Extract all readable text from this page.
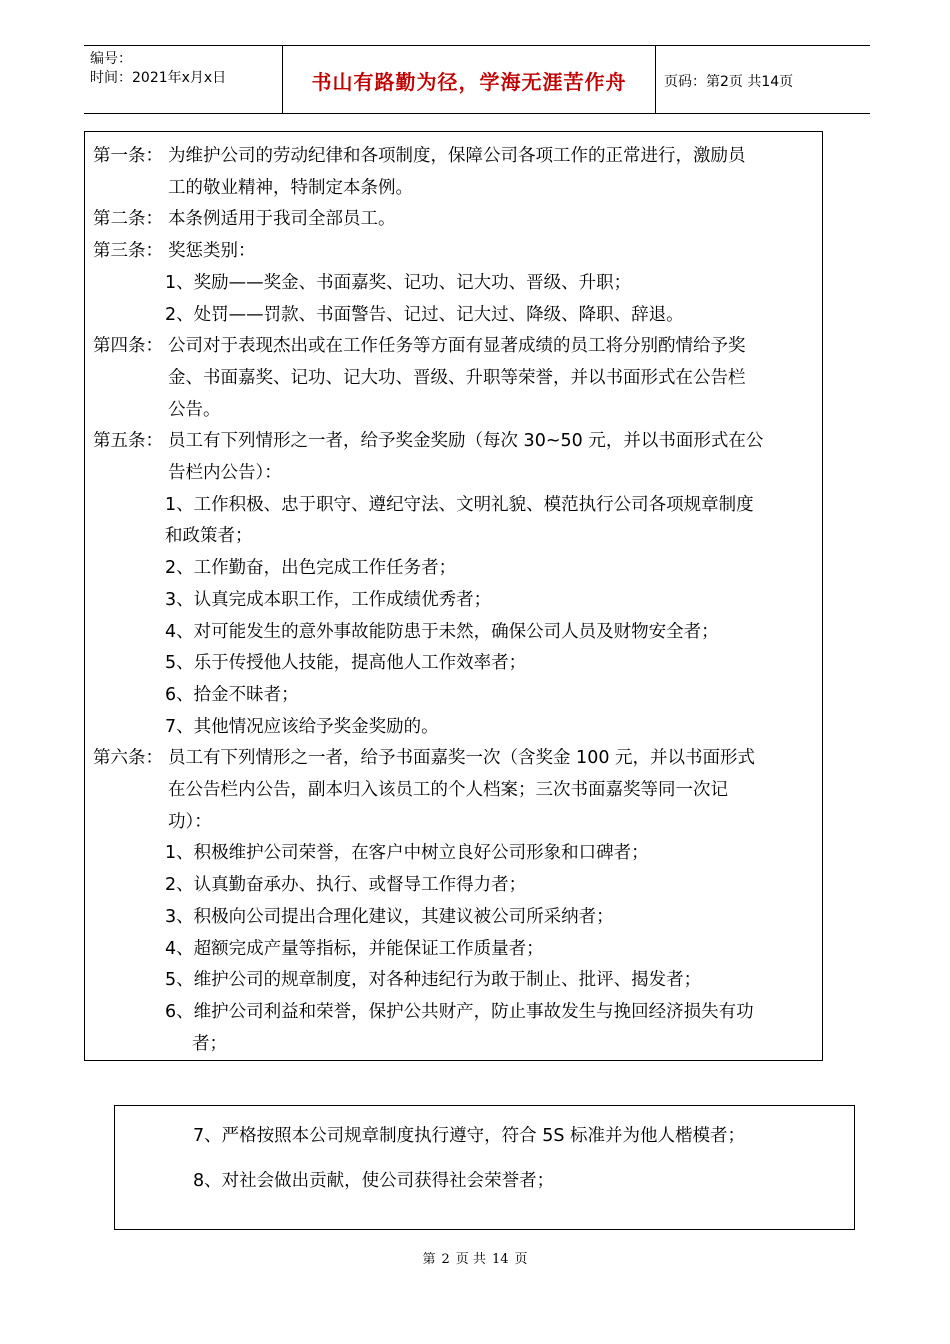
编号：
时间：2021年x月x日	书山有路勤为径，学海无涯苦作舟	页码：第2页 共14页
第一条： 为维护公司的劳动纪律和各项制度，保障公司各项工作的正常进行，激励员
工的敬业精神，特制定本条例。
第二条： 本条例适用于我司全部员工。
第三条： 奖惩类别：
1、奖励——奖金、书面嘉奖、记功、记大功、晋级、升职；
2、处罚——罚款、书面警告、记过、记大过、降级、降职、辞退。
第四条： 公司对于表现杰出或在工作任务等方面有显著成绩的员工将分别酌情给予奖
金、书面嘉奖、记功、记大功、晋级、升职等荣誉，并以书面形式在公告栏
公告。
第五条： 员工有下列情形之一者，给予奖金奖励（每次 30~50 元，并以书面形式在公
告栏内公告）：
1、工作积极、忠于职守、遵纪守法、文明礼貌、模范执行公司各项规章制度
和政策者；
2、工作勤奋，出色完成工作任务者；
3、认真完成本职工作，工作成绩优秀者；
4、对可能发生的意外事故能防患于未然，确保公司人员及财物安全者；
5、乐于传授他人技能，提高他人工作效率者；
6、拾金不昧者；
7、其他情况应该给予奖金奖励的。
第六条： 员工有下列情形之一者，给予书面嘉奖一次（含奖金 100 元，并以书面形式
在公告栏内公告，副本归入该员工的个人档案；三次书面嘉奖等同一次记
功）：
1、积极维护公司荣誉，在客户中树立良好公司形象和口碑者；
2、认真勤奋承办、执行、或督导工作得力者；
3、积极向公司提出合理化建议，其建议被公司所采纳者；
4、超额完成产量等指标，并能保证工作质量者；
5、维护公司的规章制度，对各种违纪行为敢于制止、批评、揭发者；
6、维护公司利益和荣誉，保护公共财产，防止事故发生与挽回经济损失有功
者；
7、严格按照本公司规章制度执行遵守，符合 5S 标准并为他人楷模者；
8、对社会做出贡献，使公司获得社会荣誉者；
第 2 页 共 14 页
